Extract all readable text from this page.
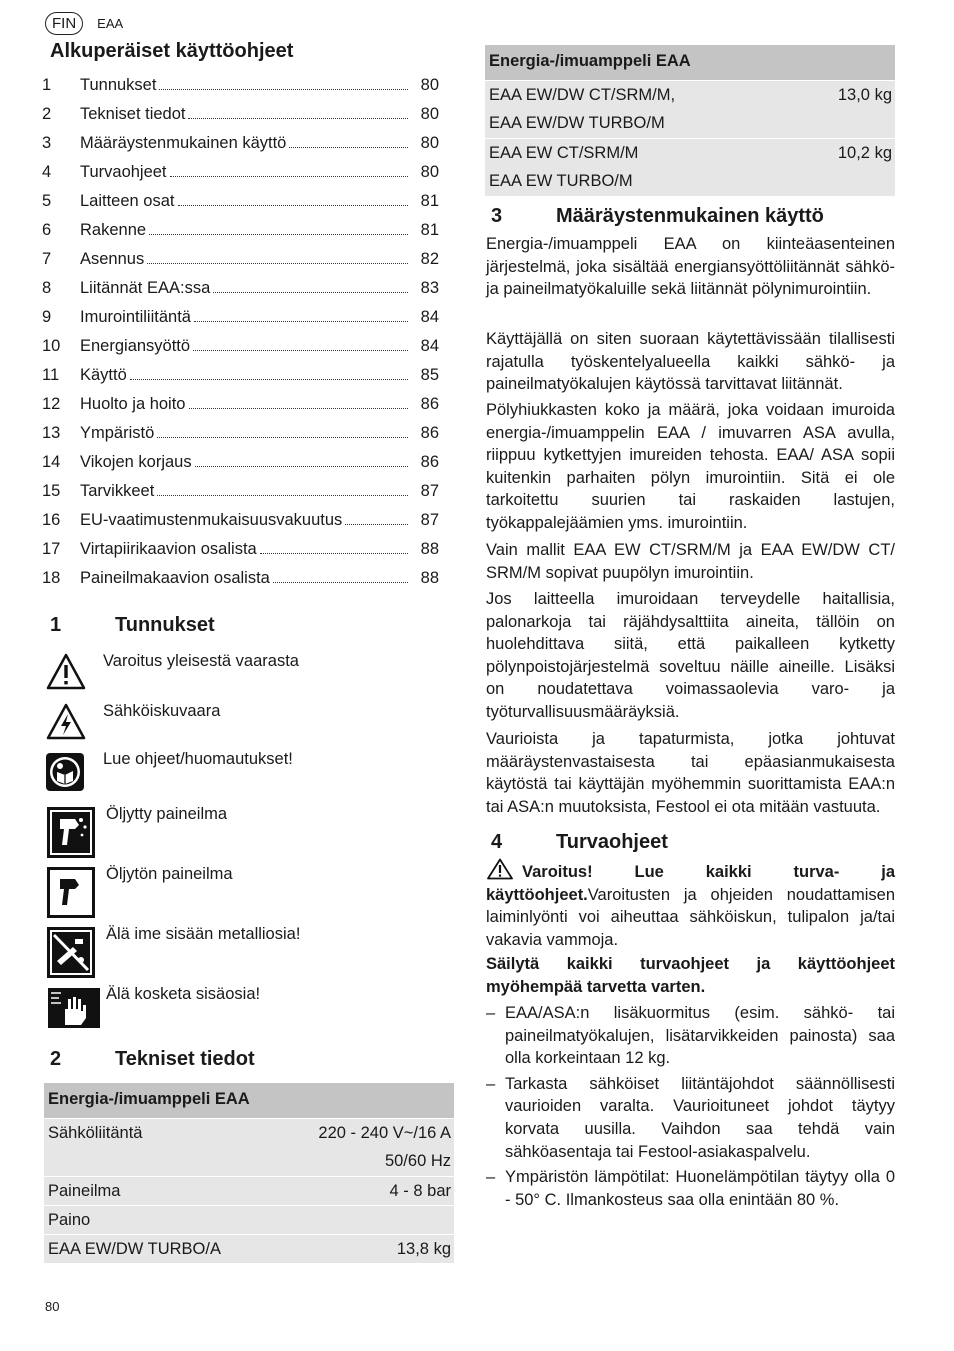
FIN	EAA
Alkuperäiset käyttöohjeet
1	Tunnukset	80
2	Tekniset tiedot	80
3	Määräystenmukainen käyttö	80
4	Turvaohjeet	80
5	Laitteen osat	81
6	Rakenne	81
7	Asennus	82
8	Liitännät EAA:ssa	83
9	Imurointiliitäntä	84
10	Energiansyöttö	84
11	Käyttö	85
12	Huolto ja hoito	86
13	Ympäristö	86
14	Vikojen korjaus	86
15	Tarvikkeet	87
16	EU-vaatimustenmukaisuusvakuutus	87
17	Virtapiirikaavion osalista	88
18	Paineilmakaavion osalista	88
1	Tunnukset
Varoitus yleisestä vaarasta
Sähköiskuvaara
Lue ohjeet/huomautukset!
Öljytty paineilma
Öljytön paineilma
Älä ime sisään metalliosia!
Älä kosketa sisäosia!
2	Tekniset tiedot
Energia-/imuamppeli EAA
Sähköliitäntä	220 - 240 V~/16 A
50/60 Hz
Paineilma	4 - 8 bar
Paino
EAA EW/DW TURBO/A	13,8 kg
Energia-/imuamppeli EAA
EAA EW/DW CT/SRM/M,	13,0 kg
EAA EW/DW TURBO/M
EAA EW CT/SRM/M	10,2 kg
EAA EW TURBO/M
3	Määräystenmukainen käyttö
Energia-/imuamppeli EAA on kiinteäasenteinen järjestelmä, joka sisältää energiansyöttöliitännät sähkö- ja paineilmatyökaluille sekä liitännät pölynimurointiin.
Käyttäjällä on siten suoraan käytettävissään tilallisesti rajatulla työskentelyalueella kaikki sähkö- ja paineilmatyökalujen käytössä tarvittavat liitännät.
Pölyhiukkasten koko ja määrä, joka voidaan imuroida energia-/imuamppelin EAA / imuvarren ASA avulla, riippuu kytkettyjen imureiden tehosta. EAA/ ASA sopii kuitenkin parhaiten pölyn imurointiin. Sitä ei ole tarkoitettu suurien tai raskaiden lastujen, työkappalejäämien yms. imurointiin.
Vain mallit EAA EW CT/SRM/M ja EAA EW/DW CT/ SRM/M sopivat puupölyn imurointiin.
Jos laitteella imuroidaan terveydelle haitallisia, palonarkoja tai räjähdysalttiita aineita, tällöin on huolehdittava siitä, että paikalleen kytketty pölynpoistojärjestelmä soveltuu näille aineille. Lisäksi on noudatettava voimassaolevia varo- ja työturvallisuusmääräyksiä.
Vaurioista ja tapaturmista, jotka johtuvat määräystenvastaisesta tai epäasianmukaisesta käytöstä tai käyttäjän myöhemmin suorittamista EAA:n tai ASA:n muutoksista, Festool ei ota mitään vastuuta.
4	Turvaohjeet
Varoitus! Lue kaikki turva- ja käyttöohjeet.Varoitusten ja ohjeiden noudattamisen laiminlyönti voi aiheuttaa sähköiskun, tulipalon ja/tai vakavia vammoja.
Säilytä kaikki turvaohjeet ja käyttöohjeet myöhempää tarvetta varten.
– EAA/ASA:n lisäkuormitus (esim. sähkö- tai paineilmatyökalujen, lisätarvikkeiden painosta) saa olla korkeintaan 12 kg.
– Tarkasta sähköiset liitäntäjohdot säännöllisesti vaurioiden varalta. Vaurioituneet johdot täytyy korvata uusilla. Vaihdon saa tehdä vain sähköasentaja tai Festool-asiakaspalvelu.
– Ympäristön lämpötilat: Huonelämpötilan täytyy olla 0 - 50° C. Ilmankosteus saa olla enintään 80 %.
80
